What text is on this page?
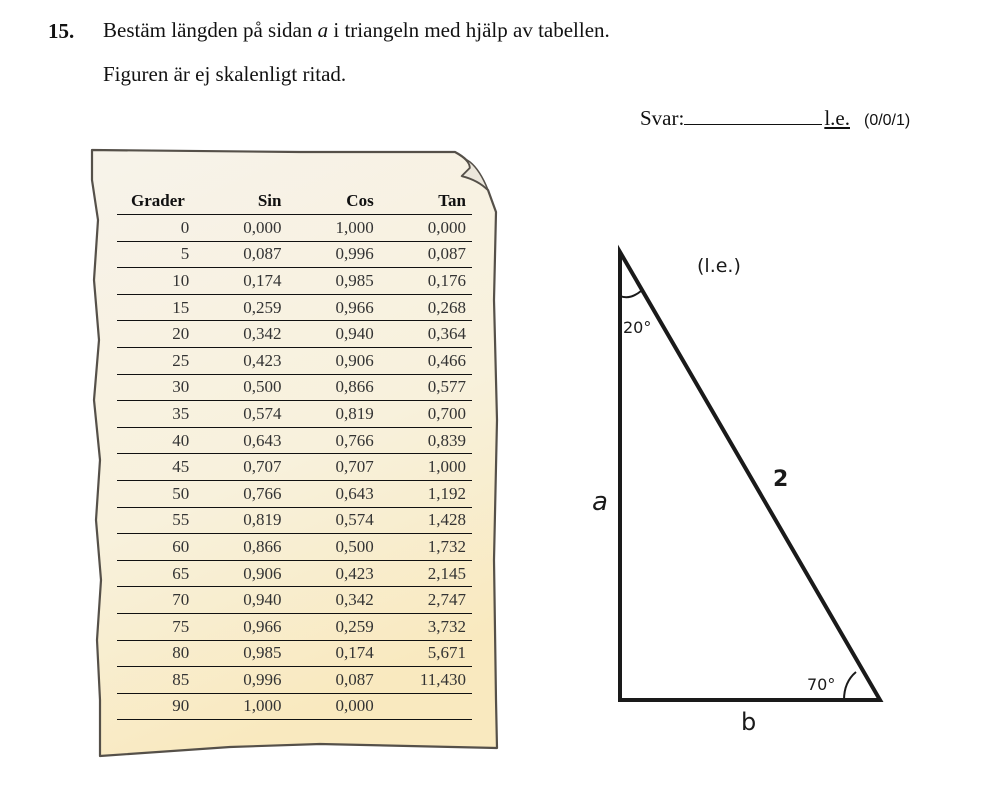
15. Bestäm längden på sidan a i triangeln med hjälp av tabellen.
Figuren är ej skalenligt ritad.
Svar:	l.e. (0/0/1)
Grader	Sin	Cos	Tan
0	0,000	1,000	0,000
5	0,087	0,996	0,087
10	0,174	0,985	0,176
15	0,259	0,966	0,268
20	0,342	0,940	0,364
25	0,423	0,906	0,466
30	0,500	0,866	0,577
35	0,574	0,819	0,700
40	0,643	0,766	0,839
45	0,707	0,707	1,000
50	0,766	0,643	1,192
55	0,819	0,574	1,428
60	0,866	0,500	1,732
65	0,906	0,423	2,145
70	0,940	0,342	2,747
75	0,966	0,259	3,732
80	0,985	0,174	5,671
85	0,996	0,087	11,430
90	1,000	0,000	
(l.e.)
20°
70°
a
b
2
